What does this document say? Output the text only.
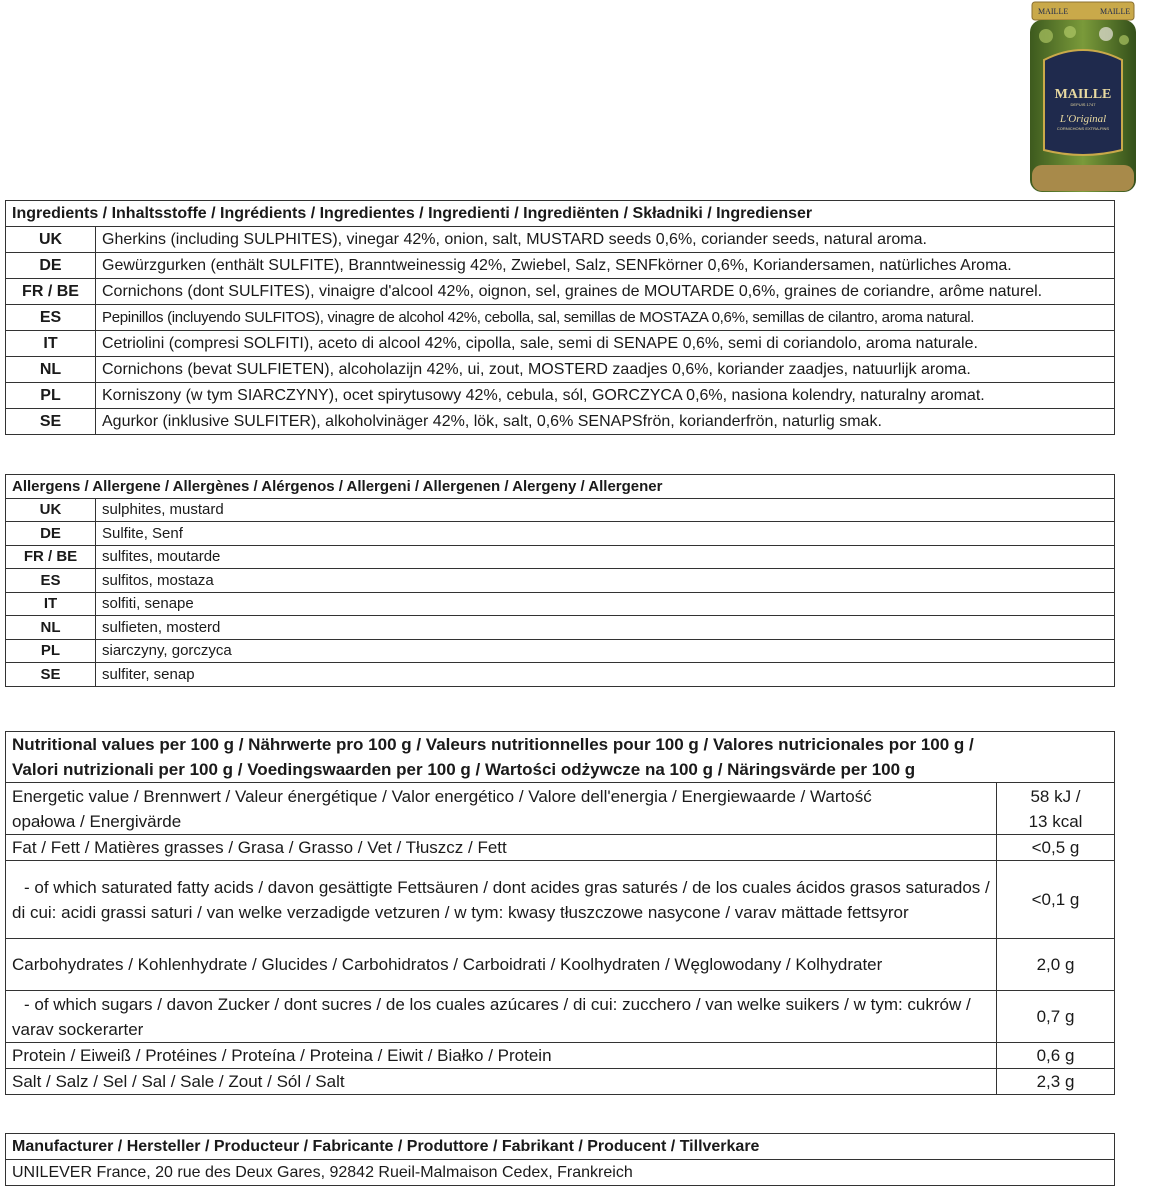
MAILLE	MAILLE
MAILLE
DEPUIS 1747
L'Original
CORNICHONS EXTRA-FINS
Ingredients / Inhaltsstoffe / Ingrédients / Ingredientes / Ingredienti / Ingrediënten / Składniki / Ingredienser	
UK	Gherkins (including SULPHITES), vinegar 42%, onion, salt, MUSTARD seeds 0,6%, coriander seeds, natural aroma.
DE	Gewürzgurken (enthält SULFITE), Branntweinessig 42%, Zwiebel, Salz, SENFkörner 0,6%, Koriandersamen, natürliches Aroma.
FR / BE	Cornichons (dont SULFITES), vinaigre d'alcool 42%, oignon, sel, graines de MOUTARDE 0,6%, graines de coriandre, arôme naturel.
ES	Pepinillos (incluyendo SULFITOS), vinagre de alcohol 42%, cebolla, sal, semillas de MOSTAZA 0,6%, semillas de cilantro, aroma natural.
IT	Cetriolini (compresi SOLFITI), aceto di alcool 42%, cipolla, sale, semi di SENAPE 0,6%, semi di coriandolo, aroma naturale.
NL	Cornichons (bevat SULFIETEN), alcoholazijn 42%, ui, zout, MOSTERD zaadjes 0,6%, koriander zaadjes, natuurlijk aroma.
PL	Korniszony (w tym SIARCZYNY), ocet spirytusowy 42%, cebula, sól, GORCZYCA 0,6%, nasiona kolendry, naturalny aromat.
SE	Agurkor (inklusive SULFITER), alkoholvinäger 42%, lök, salt, 0,6% SENAPSfrön, korianderfrön, naturlig smak.
Allergens / Allergene / Allergènes / Alérgenos / Allergeni / Allergenen / Alergeny / Allergener	
UK	sulphites, mustard
DE	Sulfite, Senf
FR / BE	sulfites, moutarde
ES	sulfitos, mostaza
IT	solfiti, senape
NL	sulfieten, mosterd
PL	siarczyny, gorczyca
SE	sulfiter, senap
Nutritional values per 100 g / Nährwerte pro 100 g / Valeurs nutritionnelles pour 100 g / Valores nutricionales por 100 g /
Valori nutrizionali per 100 g / Voedingswaarden per 100 g / Wartości odżywcze na 100 g / Näringsvärde per 100 g	

Energetic value / Brennwert / Valeur énergétique / Valor energético / Valore dell'energia / Energiewaarde / Wartość opałowa / Energivärde	58 kJ /
13 kcal

Fat / Fett / Matières grasses / Grasa / Grasso / Vet / Tłuszcz / Fett	<0,5 g
- of which saturated fatty acids / davon gesättigte Fettsäuren / dont acides gras saturés / de los cuales ácidos grasos saturados / di cui: acidi grassi saturi / van welke verzadigde vetzuren / w tym: kwasy tłuszczowe nasycone / varav mättade fettsyror	<0,1 g
Carbohydrates / Kohlenhydrate / Glucides / Carbohidratos / Carboidrati / Koolhydraten / Węglowodany / Kolhydrater	2,0 g
- of which sugars / davon Zucker / dont sucres / de los cuales azúcares / di cui: zucchero / van welke suikers / w tym: cukrów / varav sockerarter	0,7 g
Protein / Eiweiß / Protéines / Proteína / Proteina / Eiwit / Białko / Protein	0,6 g
Salt / Salz / Sel / Sal / Sale / Zout / Sól / Salt	2,3 g
Manufacturer / Hersteller / Producteur / Fabricante / Produttore / Fabrikant / Producent / Tillverkare
UNILEVER France, 20 rue des Deux Gares, 92842 Rueil-Malmaison Cedex, Frankreich
